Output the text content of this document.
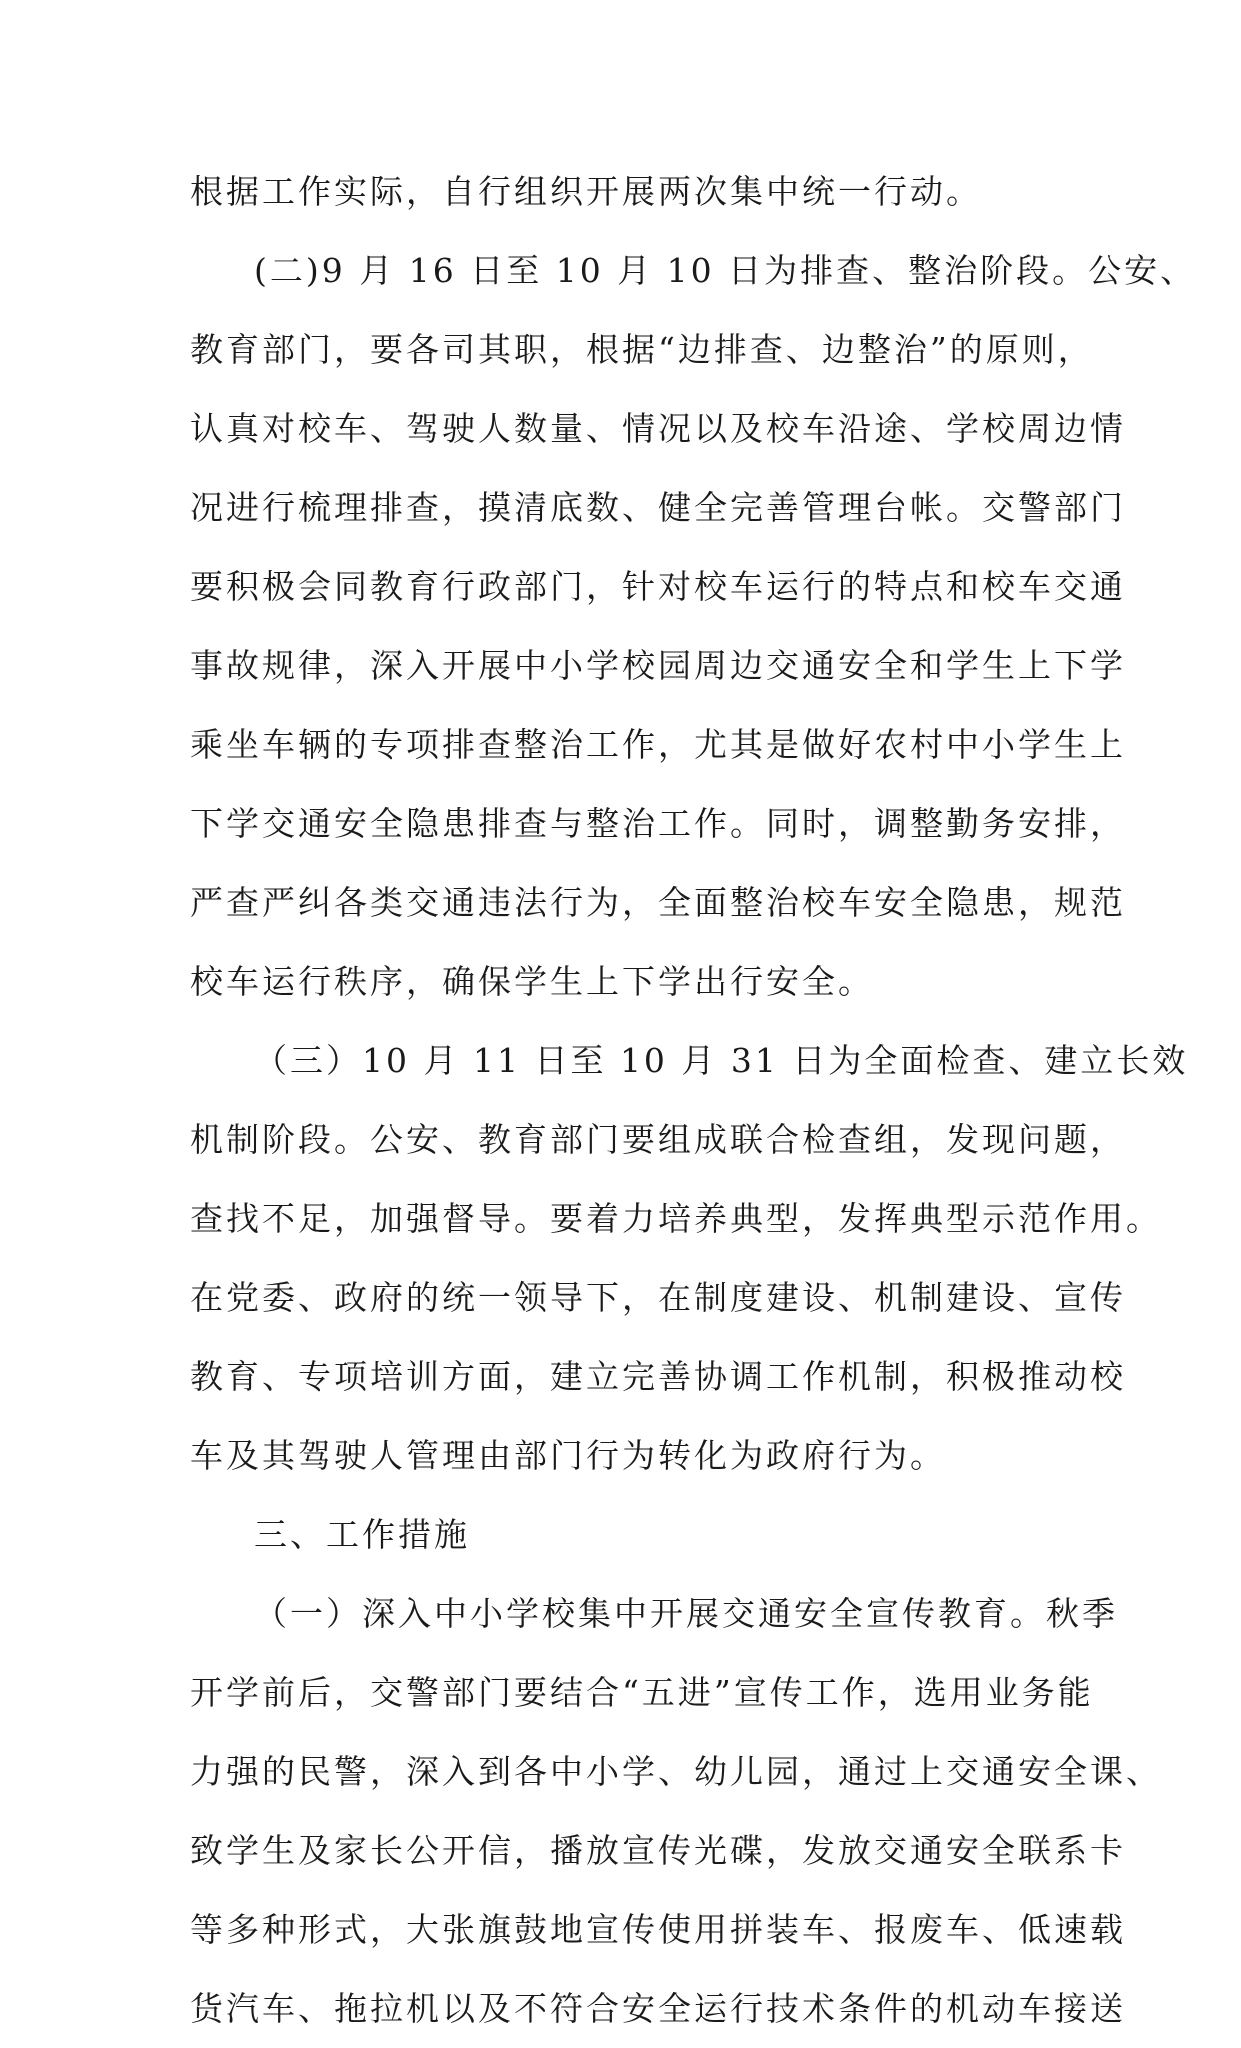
根据工作实际，自行组织开展两次集中统一行动。
(二)9 月 16 日至 10 月 10 日为排查、整治阶段。公安、
教育部门，要各司其职，根据“边排查、边整治”的原则，
认真对校车、驾驶人数量、情况以及校车沿途、学校周边情
况进行梳理排查，摸清底数、健全完善管理台帐。交警部门
要积极会同教育行政部门，针对校车运行的特点和校车交通
事故规律，深入开展中小学校园周边交通安全和学生上下学
乘坐车辆的专项排查整治工作，尤其是做好农村中小学生上
下学交通安全隐患排查与整治工作。同时，调整勤务安排，
严查严纠各类交通违法行为，全面整治校车安全隐患，规范
校车运行秩序，确保学生上下学出行安全。
（三）10 月 11 日至 10 月 31 日为全面检查、建立长效
机制阶段。公安、教育部门要组成联合检查组，发现问题，
查找不足，加强督导。要着力培养典型，发挥典型示范作用。
在党委、政府的统一领导下，在制度建设、机制建设、宣传
教育、专项培训方面，建立完善协调工作机制，积极推动校
车及其驾驶人管理由部门行为转化为政府行为。
三、工作措施
（一）深入中小学校集中开展交通安全宣传教育。秋季
开学前后，交警部门要结合“五进”宣传工作，选用业务能
力强的民警，深入到各中小学、幼儿园，通过上交通安全课、
致学生及家长公开信，播放宣传光碟，发放交通安全联系卡
等多种形式，大张旗鼓地宣传使用拼装车、报废车、低速载
货汽车、拖拉机以及不符合安全运行技术条件的机动车接送
